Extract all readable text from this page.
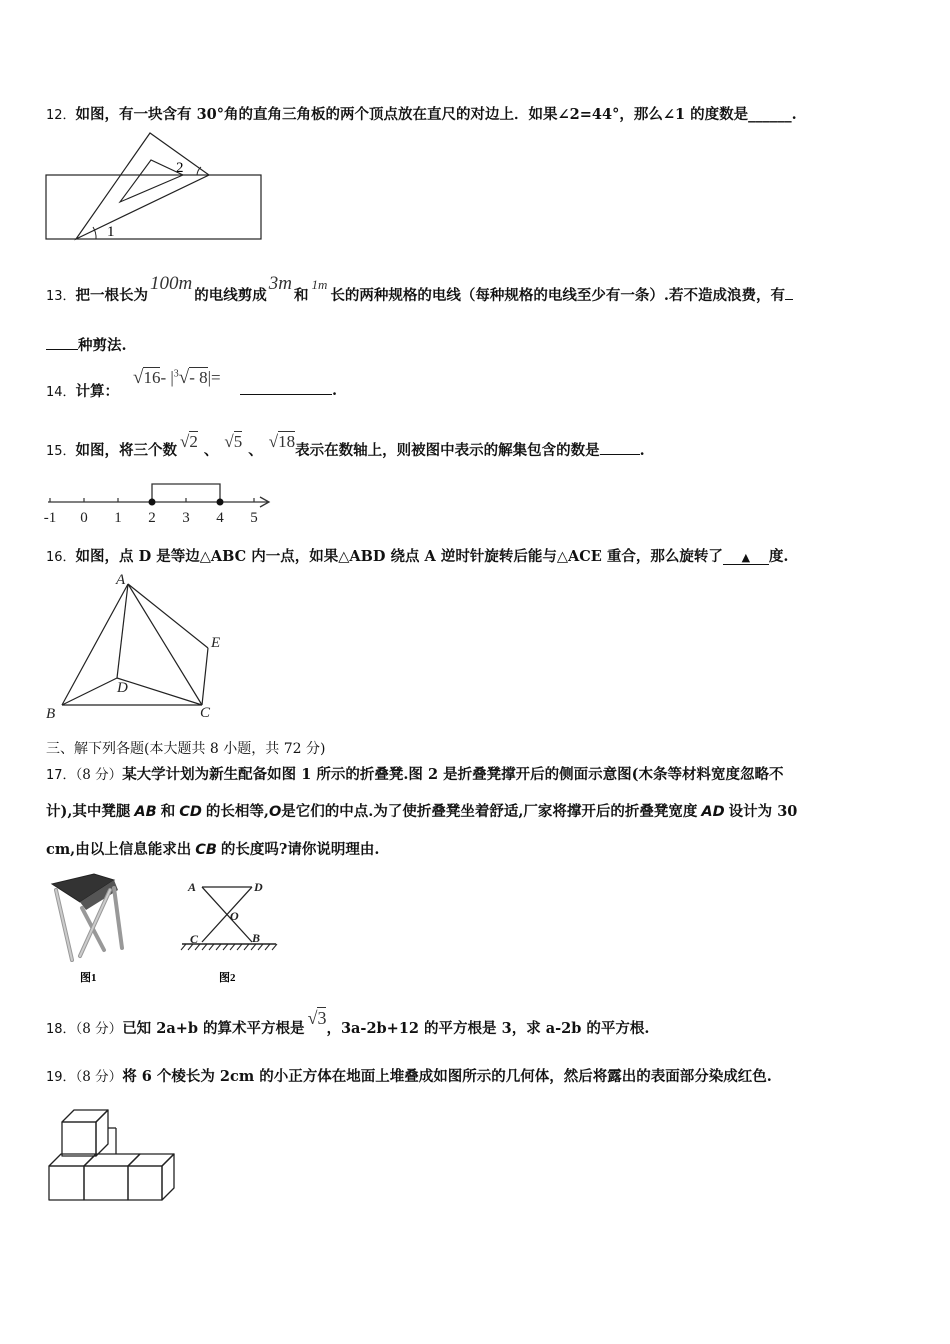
12．如图，有一块含有 30°角的直角三角板的两个顶点放在直尺的对边上．如果∠2=44°，那么∠1 的度数是______.
1
2
13．把一根长为100m的电线剪成3m和1m长的两种规格的电线（每种规格的电线至少有一条）.若不造成浪费，有
种剪法.
14．计算：
√16- $|^3√-$ 8|=
.
15．如图，将三个数 √2 、 √5 、 √18表示在数轴上，则被图中表示的解集包含的数是	.
-1 0 1 2 3 4 5
16．如图，点 D 是等边△ABC 内一点，如果△ABD 绕点 A 逆时针旋转后能与△ACE 重合，那么旋转了 ▲ 度.
A
B	C
D
E
三、解下列各题(本大题共 8 小题，共 72 分)
17．（8 分）某大学计划为新生配备如图 1 所示的折叠凳.图 2 是折叠凳撑开后的侧面示意图(木条等材料宽度忽略不
计),其中凳腿 AB 和 CD 的长相等,O是它们的中点.为了使折叠凳坐着舒适,厂家将撑开后的折叠凳宽度 AD 设计为 30
cm,由以上信息能求出 CB 的长度吗?请你说明理由.
图1
A	D
O
C	B
图2
18．（8 分）已知 2a+b 的算术平方根是√3，3a-2b+12 的平方根是 3，求 a-2b 的平方根.
19．（8 分）将 6 个棱长为 2cm 的小正方体在地面上堆叠成如图所示的几何体，然后将露出的表面部分染成红色.
